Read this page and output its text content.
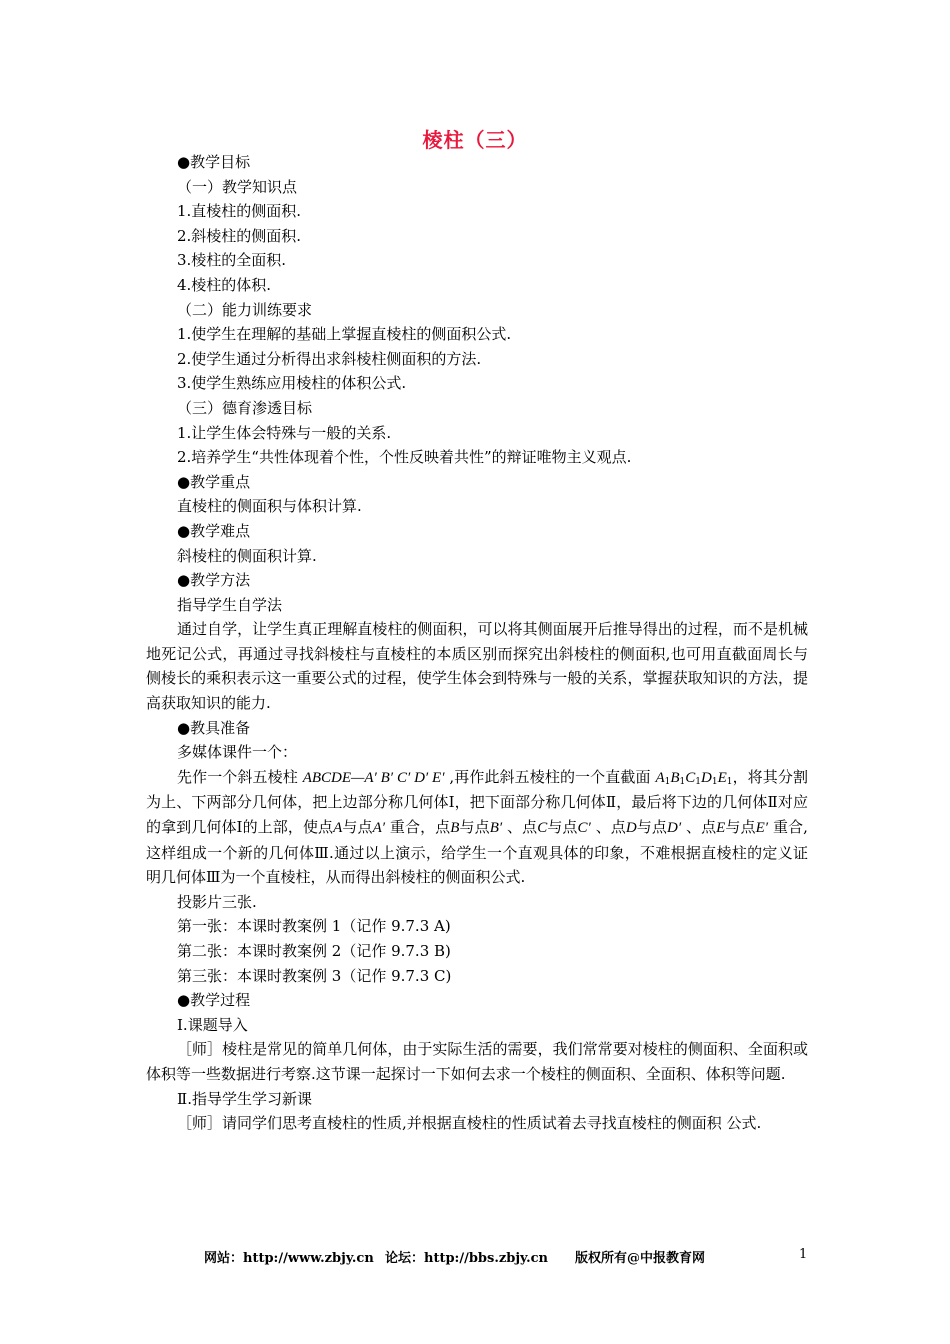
棱柱（三）

●教学目标

（一）教学知识点

1.直棱柱的侧面积.

2.斜棱柱的侧面积.

3.棱柱的全面积.

4.棱柱的体积.

（二）能力训练要求

1.使学生在理解的基础上掌握直棱柱的侧面积公式.

2.使学生通过分析得出求斜棱柱侧面积的方法.

3.使学生熟练应用棱柱的体积公式.

（三）德育渗透目标

1.让学生体会特殊与一般的关系.

2.培养学生“共性体现着个性，个性反映着共性”的辩证唯物主义观点.

●教学重点

直棱柱的侧面积与体积计算.

●教学难点

斜棱柱的侧面积计算.

●教学方法

指导学生自学法

通过自学，让学生真正理解直棱柱的侧面积，可以将其侧面展开后推导得出的过程，而不是机械地死记公式，再通过寻找斜棱柱与直棱柱的本质区别而探究出斜棱柱的侧面积,也可用直截面周长与侧棱长的乘积表示这一重要公式的过程，使学生体会到特殊与一般的关系，掌握获取知识的方法，提高获取知识的能力.

●教具准备

多媒体课件一个：

先作一个斜五棱柱 ABCDE—A′ B′ C′ D′ E′ ,再作此斜五棱柱的一个直截面 $A_1B_1C_1D_1E_1$，将其分割为上、下两部分几何体，把上边部分称几何体Ⅰ，把下面部分称几何体Ⅱ，最后将下边的几何体Ⅱ对应的拿到几何体Ⅰ的上部，使点A与点A′ 重合，点B与点B′ 、点C与点C′ 、点D与点D′ 、点E与点E′ 重合,这样组成一个新的几何体Ⅲ.通过以上演示，给学生一个直观具体的印象，不难根据直棱柱的定义证明几何体Ⅲ为一个直棱柱，从而得出斜棱柱的侧面积公式.

投影片三张.

第一张：本课时教案例 1（记作 9.7.3 A)

第二张：本课时教案例 2（记作 9.7.3 B)

第三张：本课时教案例 3（记作 9.7.3 C)

●教学过程

Ⅰ.课题导入

［师］棱柱是常见的简单几何体，由于实际生活的需要，我们常常要对棱柱的侧面积、全面积或体积等一些数据进行考察.这节课一起探讨一下如何去求一个棱柱的侧面积、全面积、体积等问题.

Ⅱ.指导学生学习新课

［师］请同学们思考直棱柱的性质,并根据直棱柱的性质试着去寻找直棱柱的侧面积 公式.

网站：http://www.zbjy.cn 论坛：http://bbs.zbjy.cn 版权所有@中报教育网	1
